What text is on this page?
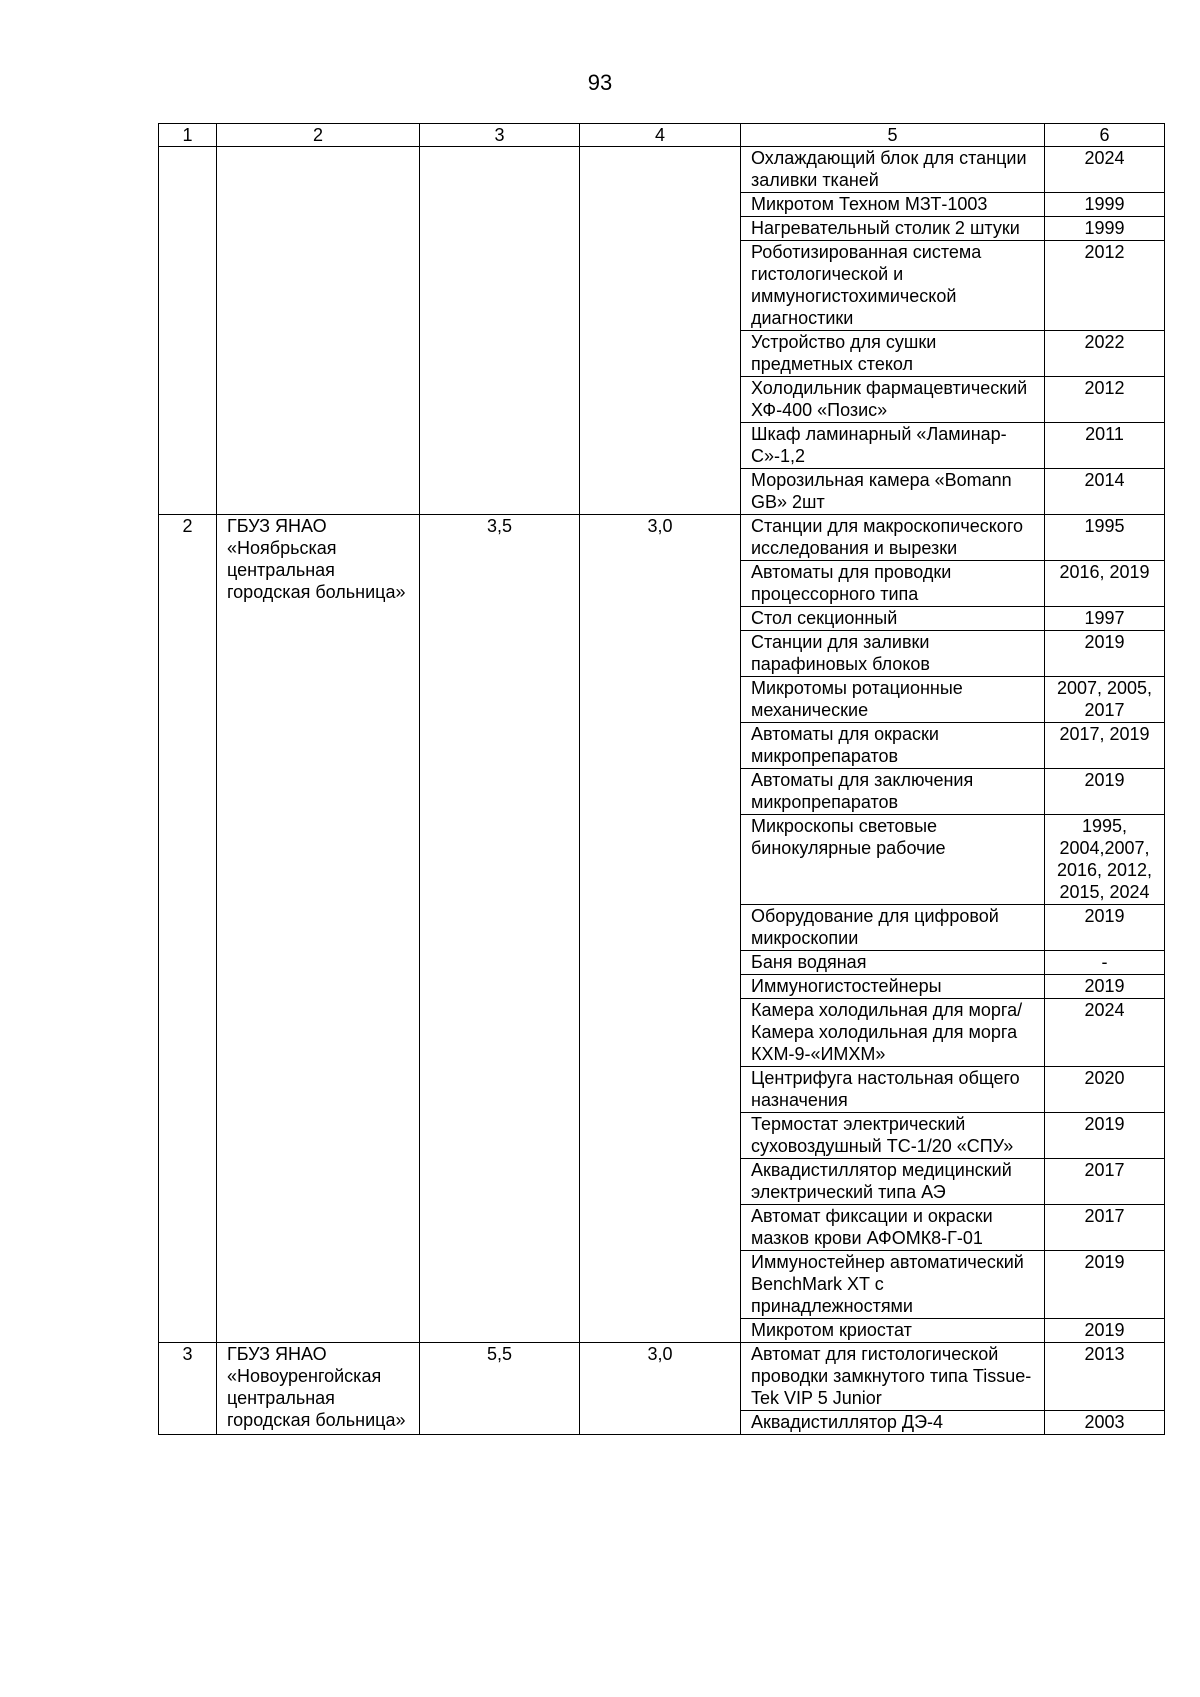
93
1	2	3	4	5	6
				Охлаждающий блок для станции заливки тканей	2024
				Микротом Техном МЗТ-1003	1999
				Нагревательный столик 2 штуки	1999
				Роботизированная система гистологической и иммуногистохимической диагностики	2012
				Устройство для сушки предметных стекол	2022
				Холодильник фармацевтический ХФ-400 «Позис»	2012
				Шкаф ламинарный «Ламинар-С»-1,2	2011
				Морозильная камера «Bomann GB» 2шт	2014
2	ГБУЗ ЯНАО «Ноябрьская центральная городская больница»	3,5	3,0	Станции для макроскопического исследования и вырезки	1995
				Автоматы для проводки процессорного типа	2016, 2019
				Стол секционный	1997
				Станции для заливки парафиновых блоков	2019
				Микротомы ротационные механические	2007, 2005, 2017
				Автоматы для окраски микропрепаратов	2017, 2019
				Автоматы для заключения микропрепаратов	2019
				Микроскопы световые бинокулярные рабочие	1995, 2004,2007, 2016, 2012, 2015, 2024
				Оборудование для цифровой микроскопии	2019
				Баня водяная	-
				Иммуногистостейнеры	2019
				Камера холодильная для морга/Камера холодильная для морга КХМ-9-«ИМХМ»	2024
				Центрифуга настольная общего назначения	2020
				Термостат электрический суховоздушный ТС-1/20 «СПУ»	2019
				Аквадистиллятор медицинский электрический типа АЭ	2017
				Автомат фиксации и окраски мазков крови АФОМК8-Г-01	2017
				Иммуностейнер автоматический BenchMark XT с принадлежностями	2019
				Микротом криостат	2019
3	ГБУЗ ЯНАО «Новоуренгойская центральная городская больница»	5,5	3,0	Автомат для гистологической проводки замкнутого типа Tissue-Tek VIP 5 Junior	2013
				Аквадистиллятор ДЭ-4	2003
